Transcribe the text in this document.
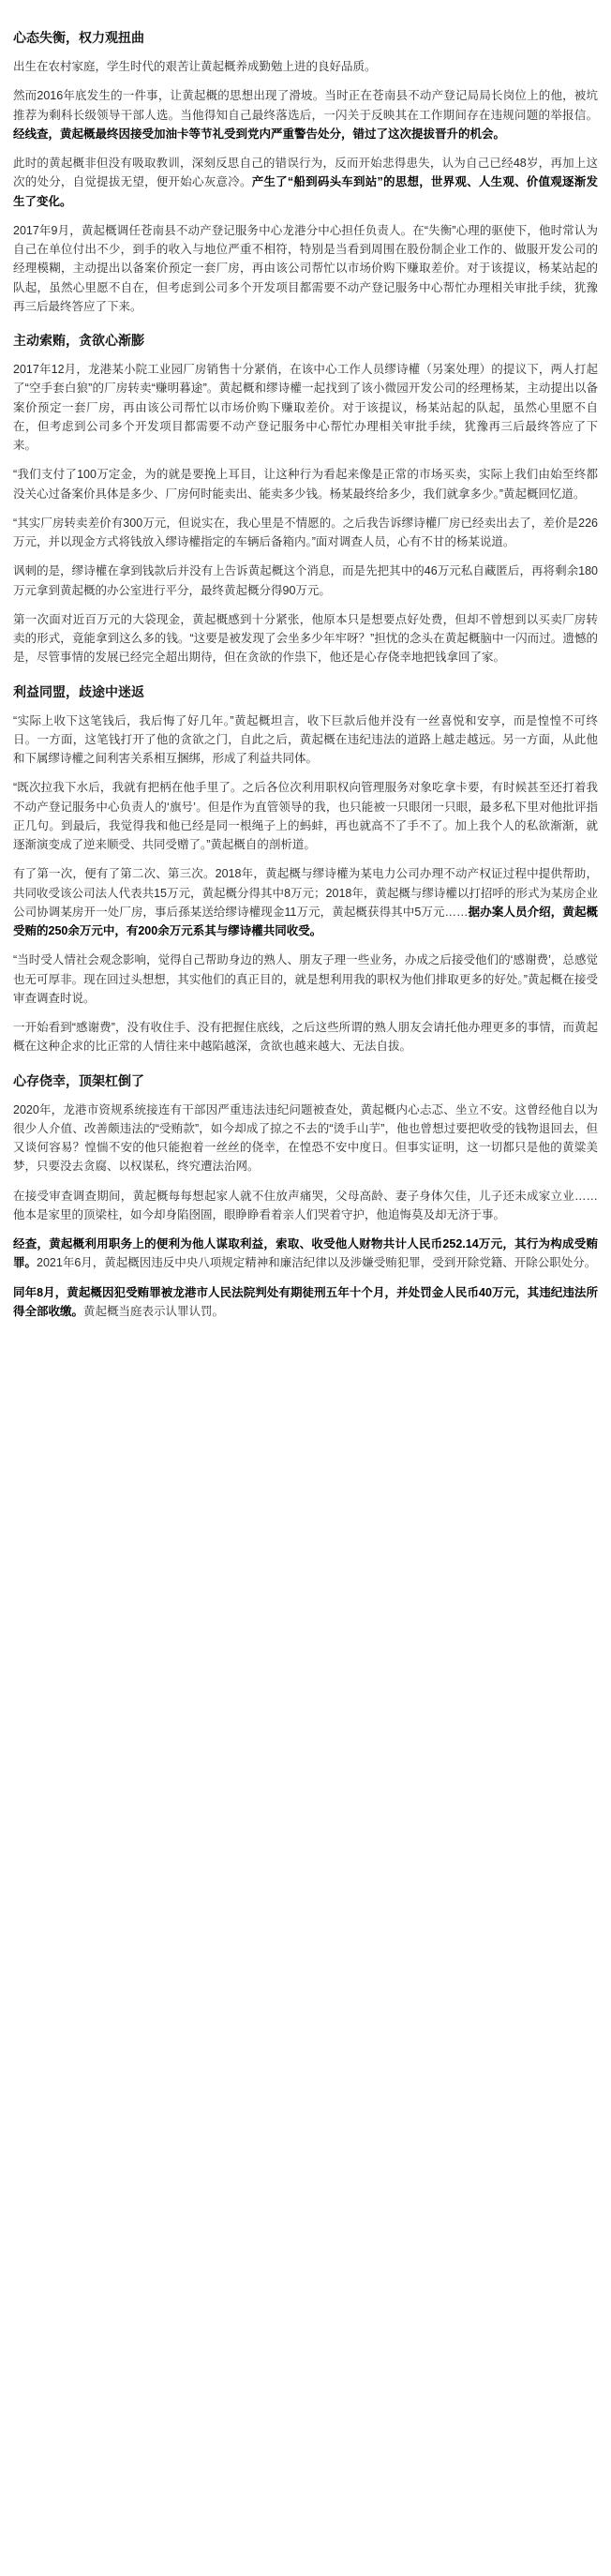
心态失衡，权力观扭曲

出生在农村家庭，学生时代的艰苦让黄起概养成勤勉上进的良好品质。

然而2016年底发生的一件事，让黄起概的思想出现了滑坡。当时正在苍南县不动产登记局局长岗位上的他，被坑推荐为剩科长级领导干部人选。当他得知自己最终落选后，一闪关于反映其在工作期间存在违规问题的举报信。经线查，黄起概最终因接受加油卡等节礼受到党内严重警告处分，错过了这次提拔晋升的机会。

此时的黄起概非但没有吸取教训，深刻反思自己的错误行为，反而开始悲得患失，认为自己已经48岁，再加上这次的处分，自觉提拔无望，便开始心灰意冷。产生了“船到码头车到站”的思想，世界观、人生观、价值观逐渐发生了变化。

2017年9月，黄起概调任苍南县不动产登记服务中心龙港分中心担任负责人。在“失衡”心理的驱使下，他时常认为自己在单位付出不少，到手的收入与地位严重不相符，特别是当看到周围在股份制企业工作的、做服开发公司的经理模糊，主动提出以备案价预定一套厂房，再由该公司帮忙以市场价购下赚取差价。对于该提议，杨某站起的队起，虽然心里愿不自在，但考虑到公司多个开发项目都需要不动产登记服务中心帮忙办理相关审批手续，犹豫再三后最终答应了下来。

主动索贿，贪欲心渐膨

2017年12月，龙港某小院工业园厂房销售十分紧俏，在该中心工作人员缪诗權（另案处理）的提议下，两人打起了“空手套白狼”的厂房转卖“赚明暮途”。黄起概和缪诗權一起找到了该小微园开发公司的经理杨某，主动提出以备案价预定一套厂房，再由该公司帮忙以市场价购下赚取差价。对于该提议，杨某站起的队起，虽然心里愿不自在，但考虑到公司多个开发项目都需要不动产登记服务中心帮忙办理相关审批手续，犹豫再三后最终答应了下来。

“我们支付了100万定金，为的就是要挽上耳目，让这种行为看起来像是正常的市场买卖，实际上我们由始至终都没关心过备案价具体是多少、厂房何时能卖出、能卖多少钱。杨某最终给多少，我们就拿多少。”黄起概回忆道。

“其实厂房转卖差价有300万元，但说实在，我心里是不情愿的。之后我告诉缪诗權厂房已经卖出去了，差价是226万元，并以现金方式将钱放入缪诗權指定的车辆后备箱内。”面对调查人员，心有不甘的杨某说道。

讽刺的是，缪诗權在拿到钱款后并没有上告诉黄起概这个消息，而是先把其中的46万元私自藏匿后，再将剩余180万元拿到黄起概的办公室进行平分，最终黄起概分得90万元。

第一次面对近百万元的大袋现金，黄起概感到十分紧张，他原本只是想要点好处费，但却不曾想到以买卖厂房转卖的形式，竟能拿到这么多的钱。“这要是被发现了会坐多少年牢呀？”担忧的念头在黄起概脑中一闪而过。遗憾的是，尽管事情的发展已经完全超出期待，但在贪欲的作祟下，他还是心存侥幸地把钱拿回了家。

利益同盟，歧途中迷返

“实际上收下这笔钱后，我后悔了好几年。”黄起概坦言，收下巨款后他并没有一丝喜悦和安享，而是惶惶不可终日。一方面，这笔钱打开了他的贪欲之门，自此之后，黄起概在违纪违法的道路上越走越远。另一方面，从此他和下属缪诗權之间利害关系相互捆绑，形成了利益共同体。

“既次拉我下水后，我就有把柄在他手里了。之后各位次利用职权向管理服务对象吃拿卡要，有时候甚至还打着我不动产登记服务中心负责人的‘旗号’。但是作为直管领导的我，也只能被一只眼闭一只眼，最多私下里对他批评指正几句。到最后，我觉得我和他已经是同一根绳子上的蚂蚌，再也就高不了手不了。加上我个人的私欲渐渐，就逐渐演变成了逆来顺受、共同受赠了。”黄起概自的剖析道。

有了第一次，便有了第二次、第三次。2018年，黄起概与缪诗權为某电力公司办理不动产权证过程中提供帮助，共同收受该公司法人代表共15万元，黄起概分得其中8万元；2018年，黄起概与缪诗權以打招呼的形式为某房企业公司协调某房开一处厂房，事后孫某送给缪诗權现金11万元，黄起概获得其中5万元……据办案人员介绍，黄起概受贿的250余万元中，有200余万元系其与缪诗權共同收受。

“当时受人情社会观念影响，觉得自己帮助身边的熟人、朋友子理一些业务，办成之后接受他们的‘感谢费’，总感觉也无可厚非。现在回过头想想，其实他们的真正目的，就是想利用我的职权为他们排取更多的好处。”黄起概在接受审查调查时说。

一开始看到“感谢费”，没有收住手、没有把握住底线，之后这些所谓的熟人朋友会请托他办理更多的事情，而黄起概在这种企求的比正常的人情往来中越陷越深，贪欲也越来越大、无法自拔。

心存侥幸，顶架杠倒了

2020年，龙港市资规系统接连有干部因严重违法违纪问题被查处，黄起概内心忐忑、坐立不安。这曾经他自以为很少人介值、改善颇违法的“受贿款”，如今却成了掠之不去的“烫手山芋”，他也曾想过要把收受的钱物退回去，但又谈何容易？惶惴不安的他只能抱着一丝丝的侥幸，在惶恐不安中度日。但事实证明，这一切都只是他的黄粱美梦，只要没去贪腐、以权谋私，终究遭法治网。

在接受审查调查期间，黄起概每每想起家人就不住放声痛哭，父母高龄、妻子身体欠佳，儿子还未成家立业……他本是家里的顶梁柱，如今却身陷囹圄，眼睁睁看着亲人们哭着守护，他追悔莫及却无济于事。

经查，黄起概利用职务上的便利为他人谋取利益，索取、收受他人财物共计人民币252.14万元，其行为构成受贿罪。2021年6月，黄起概因违反中央八项规定精神和廉洁纪律以及涉嫌受贿犯罪，受到开除党籍、开除公职处分。

同年8月，黄起概因犯受贿罪被龙港市人民法院判处有期徒刑五年十个月，并处罚金人民币40万元，其违纪违法所得全部收缴。黄起概当庭表示认罪认罚。
